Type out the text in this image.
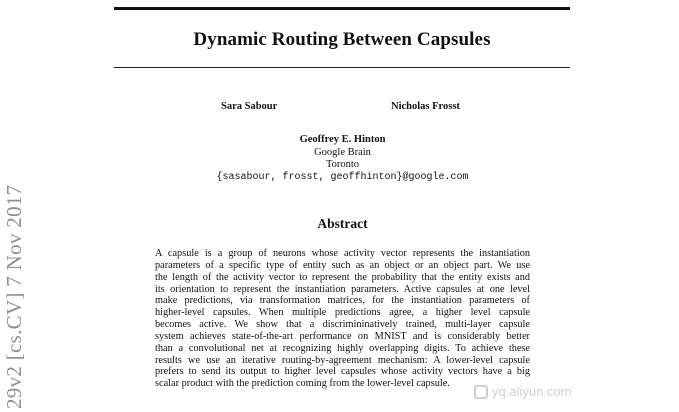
Dynamic Routing Between Capsules
Sara Sabour	Nicholas Frosst
Geoffrey E. Hinton
Google Brain
Toronto
{sasabour, frosst, geoffhinton}@google.com
Abstract
A capsule is a group of neurons whose activity vector represents the instantiation
parameters of a specific type of entity such as an object or an object part. We use
the length of the activity vector to represent the probability that the entity exists and
its orientation to represent the instantiation parameters. Active capsules at one level
make predictions, via transformation matrices, for the instantiation parameters of
higher-level capsules. When multiple predictions agree, a higher level capsule
becomes active. We show that a discrimininatively trained, multi-layer capsule
system achieves state-of-the-art performance on MNIST and is considerably better
than a convolutional net at recognizing highly overlapping digits. To achieve these
results we use an iterative routing-by-agreement mechanism: A lower-level capsule
prefers to send its output to higher level capsules whose activity vectors have a big
scalar product with the prediction coming from the lower-level capsule.
29v2 [cs.CV] 7 Nov 2017	yq.aliyun.com
